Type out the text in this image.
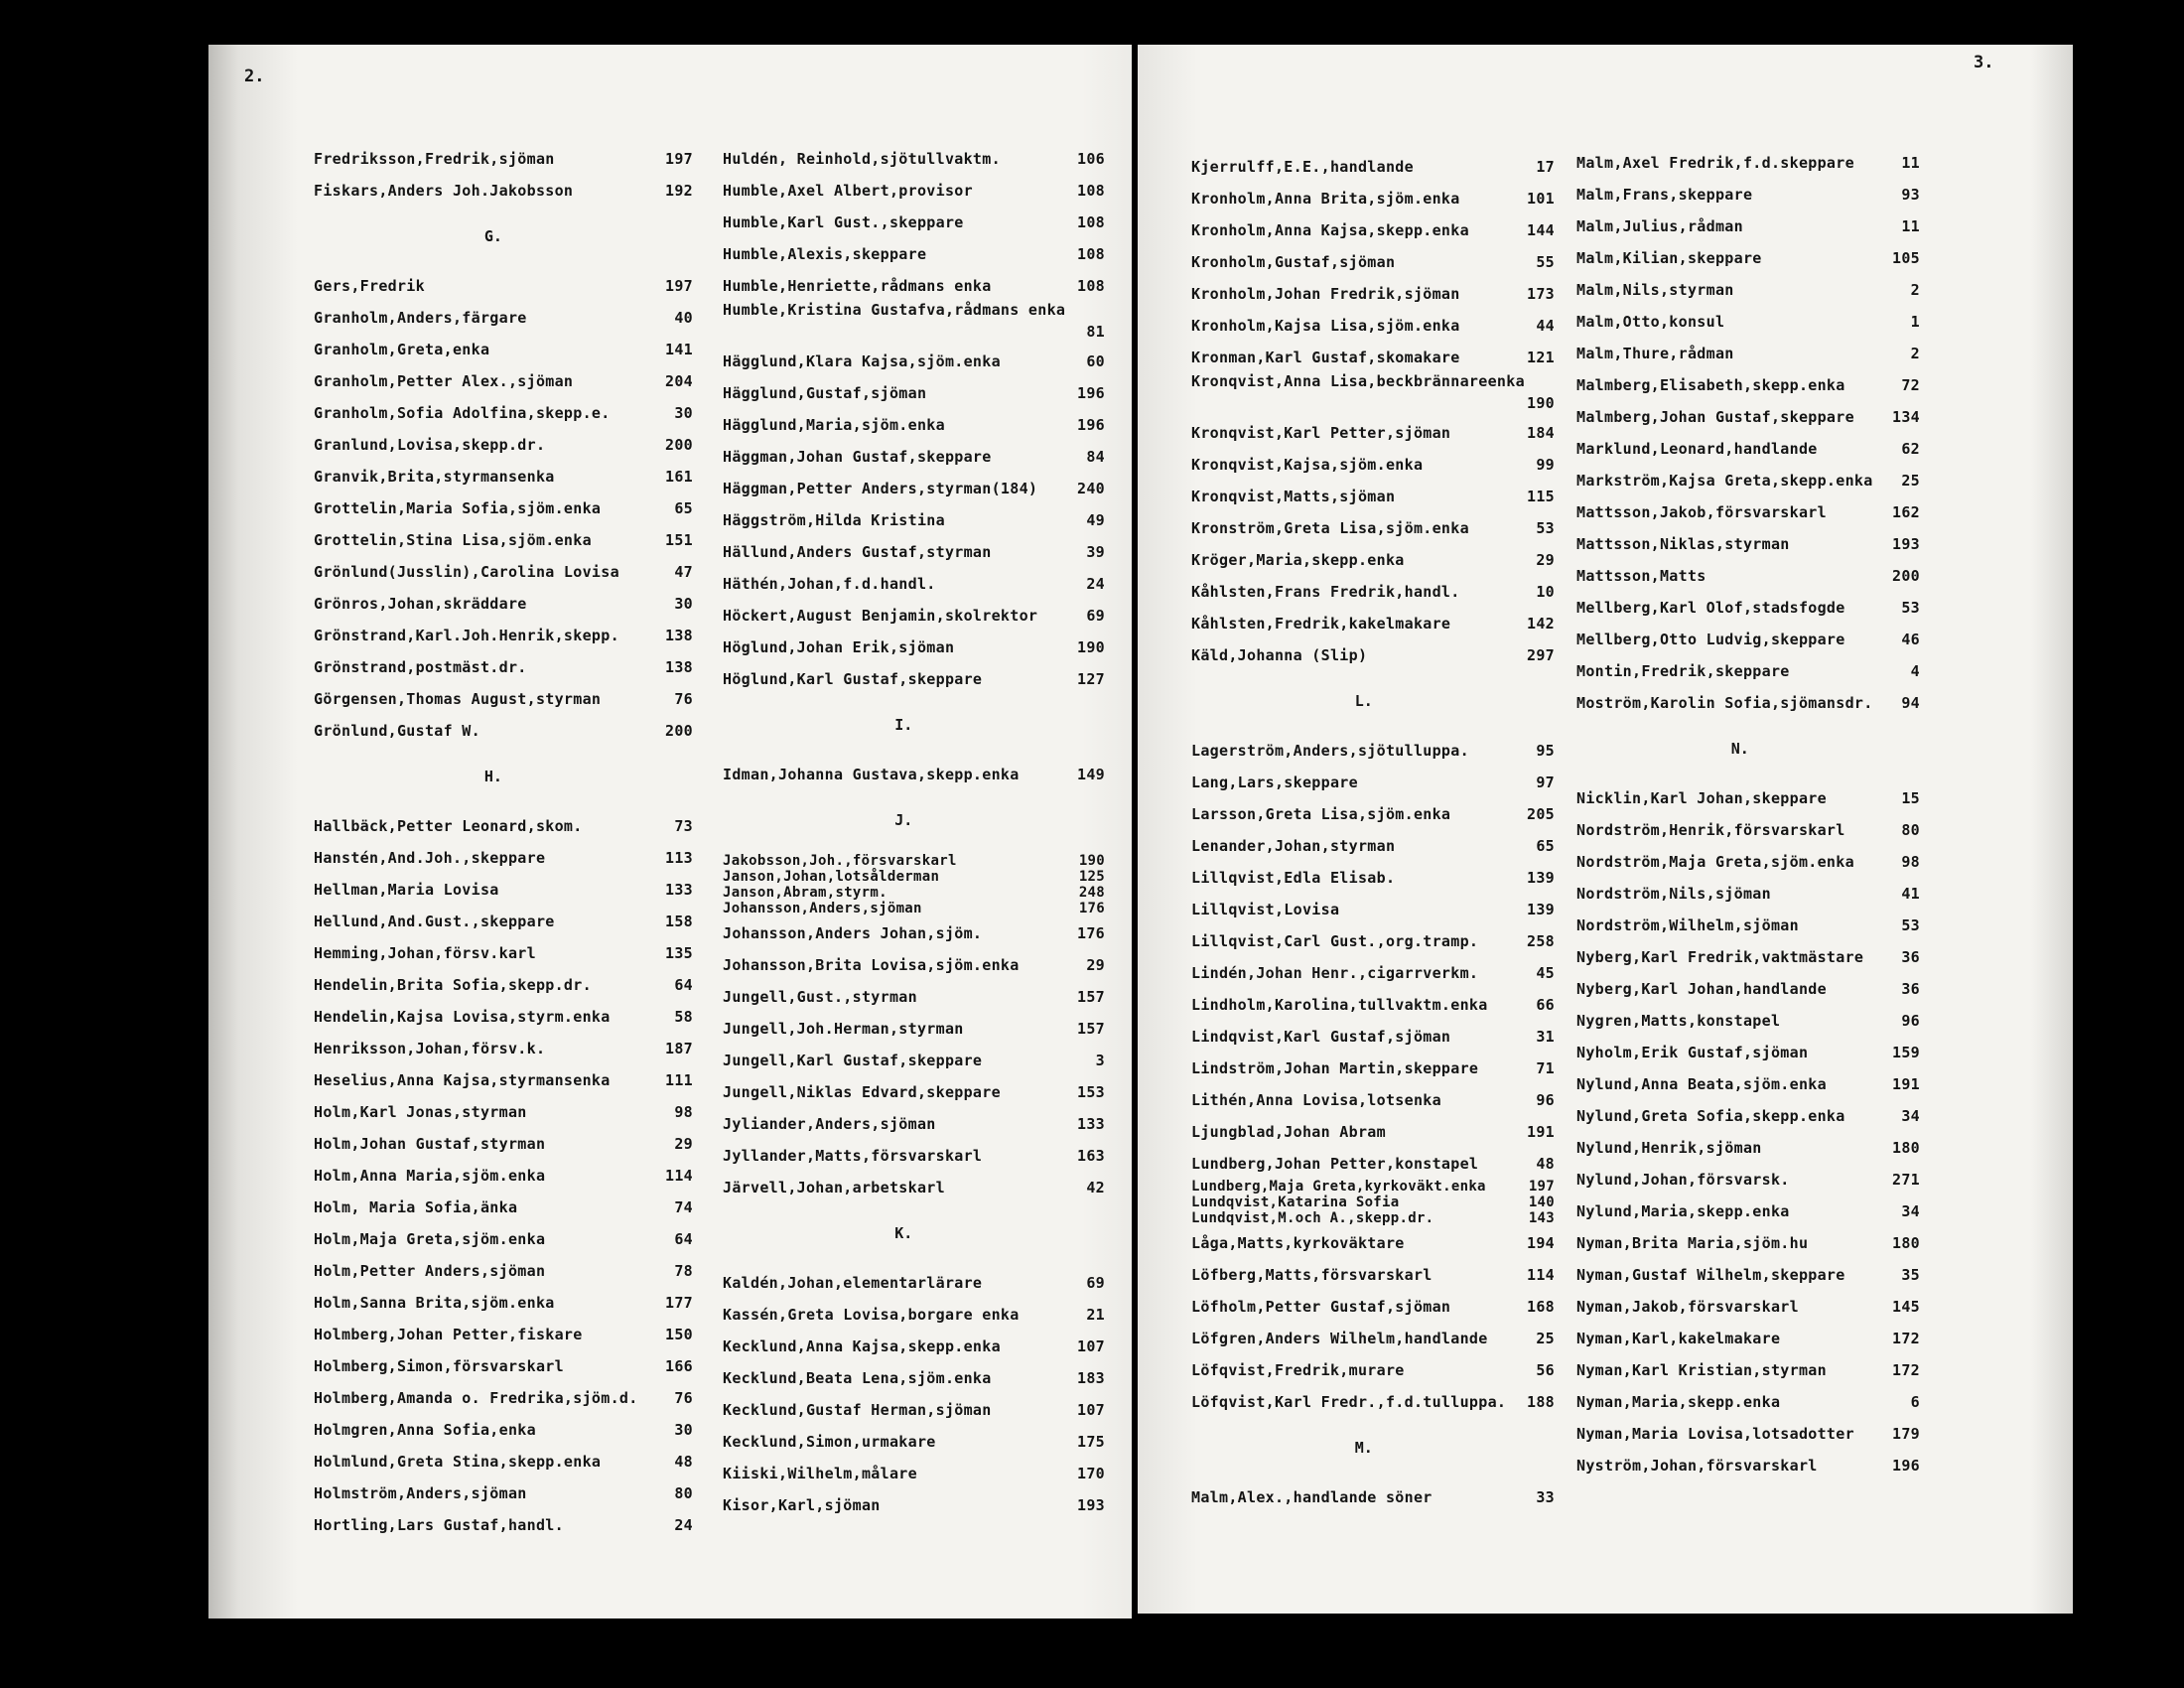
2.
Fredriksson,Fredrik,sjöman	197
Fiskars,Anders Joh.Jakobsson	192
G.
Gers,Fredrik	197
Granholm,Anders,färgare	40
Granholm,Greta,enka	141
Granholm,Petter Alex.,sjöman	204
Granholm,Sofia Adolfina,skepp.e.	30
Granlund,Lovisa,skepp.dr.	200
Granvik,Brita,styrmansenka	161
Grottelin,Maria Sofia,sjöm.enka	65
Grottelin,Stina Lisa,sjöm.enka	151
Grönlund(Jusslin),Carolina Lovisa	47
Grönros,Johan,skräddare	30
Grönstrand,Karl.Joh.Henrik,skepp.	138
Grönstrand,postmäst.dr.	138
Görgensen,Thomas August,styrman	76
Grönlund,Gustaf W.	200
H.
Hallbäck,Petter Leonard,skom.	73
Hanstén,And.Joh.,skeppare	113
Hellman,Maria Lovisa	133
Hellund,And.Gust.,skeppare	158
Hemming,Johan,försv.karl	135
Hendelin,Brita Sofia,skepp.dr.	64
Hendelin,Kajsa Lovisa,styrm.enka	58
Henriksson,Johan,försv.k.	187
Heselius,Anna Kajsa,styrmansenka	111
Holm,Karl Jonas,styrman	98
Holm,Johan Gustaf,styrman	29
Holm,Anna Maria,sjöm.enka	114
Holm, Maria Sofia,änka	74
Holm,Maja Greta,sjöm.enka	64
Holm,Petter Anders,sjöman	78
Holm,Sanna Brita,sjöm.enka	177
Holmberg,Johan Petter,fiskare	150
Holmberg,Simon,försvarskarl	166
Holmberg,Amanda o. Fredrika,sjöm.d. 76
Holmgren,Anna Sofia,enka	30
Holmlund,Greta Stina,skepp.enka	48
Holmström,Anders,sjöman	80
Hortling,Lars Gustaf,handl.	24
Huldén, Reinhold,sjötullvaktm.	106
Humble,Axel Albert,provisor	108
Humble,Karl Gust.,skeppare	108
Humble,Alexis,skeppare	108
Humble,Henriette,rådmans enka	108
Humble,Kristina Gustafva,rådmans enka
81
Hägglund,Klara Kajsa,sjöm.enka	60
Hägglund,Gustaf,sjöman	196
Hägglund,Maria,sjöm.enka	196
Häggman,Johan Gustaf,skeppare	84
Häggman,Petter Anders,styrman(184)	240
Häggström,Hilda Kristina	49
Hällund,Anders Gustaf,styrman	39
Häthén,Johan,f.d.handl.	24
Höckert,August Benjamin,skolrektor	69
Höglund,Johan Erik,sjöman	190
Höglund,Karl Gustaf,skeppare	127
I.
Idman,Johanna Gustava,skepp.enka	149
J.
Jakobsson,Joh.,försvarskarl	190
Janson,Johan,lotsålderman	125
Janson,Abram,styrm.	248
Johansson,Anders,sjöman	176
Johansson,Anders Johan,sjöm.	176
Johansson,Brita Lovisa,sjöm.enka	29
Jungell,Gust.,styrman	157
Jungell,Joh.Herman,styrman	157
Jungell,Karl Gustaf,skeppare	3
Jungell,Niklas Edvard,skeppare	153
Jyliander,Anders,sjöman	133
Jyllander,Matts,försvarskarl	163
Järvell,Johan,arbetskarl	42
K.
Kaldén,Johan,elementarlärare	69
Kassén,Greta Lovisa,borgare enka	21
Kecklund,Anna Kajsa,skepp.enka	107
Kecklund,Beata Lena,sjöm.enka	183
Kecklund,Gustaf Herman,sjöman	107
Kecklund,Simon,urmakare	175
Kiiski,Wilhelm,målare	170
Kisor,Karl,sjöman	193
3.
Kjerrulff,E.E.,handlande	17
Kronholm,Anna Brita,sjöm.enka	101
Kronholm,Anna Kajsa,skepp.enka	144
Kronholm,Gustaf,sjöman	55
Kronholm,Johan Fredrik,sjöman	173
Kronholm,Kajsa Lisa,sjöm.enka	44
Kronman,Karl Gustaf,skomakare	121
Kronqvist,Anna Lisa,beckbrännareenka
190
Kronqvist,Karl Petter,sjöman	184
Kronqvist,Kajsa,sjöm.enka	99
Kronqvist,Matts,sjöman	115
Kronström,Greta Lisa,sjöm.enka	53
Kröger,Maria,skepp.enka	29
Kåhlsten,Frans Fredrik,handl.	10
Kåhlsten,Fredrik,kakelmakare	142
Käld,Johanna (Slip)	297
L.
Lagerström,Anders,sjötulluppa.	95
Lang,Lars,skeppare	97
Larsson,Greta Lisa,sjöm.enka	205
Lenander,Johan,styrman	65
Lillqvist,Edla Elisab.	139
Lillqvist,Lovisa	139
Lillqvist,Carl Gust.,org.tramp.	258
Lindén,Johan Henr.,cigarrverkm.	45
Lindholm,Karolina,tullvaktm.enka	66
Lindqvist,Karl Gustaf,sjöman	31
Lindström,Johan Martin,skeppare	71
Lithén,Anna Lovisa,lotsenka	96
Ljungblad,Johan Abram	191
Lundberg,Johan Petter,konstapel	48
Lundberg,Maja Greta,kyrkoväkt.enka	197
Lundqvist,Katarina Sofia	140
Lundqvist,M.och A.,skepp.dr.	143
Låga,Matts,kyrkoväktare	194
Löfberg,Matts,försvarskarl	114
Löfholm,Petter Gustaf,sjöman	168
Löfgren,Anders Wilhelm,handlande	25
Löfqvist,Fredrik,murare	56
Löfqvist,Karl Fredr.,f.d.tulluppa. 188
M.
Malm,Alex.,handlande söner	33
Malm,Axel Fredrik,f.d.skeppare	11
Malm,Frans,skeppare	93
Malm,Julius,rådman	11
Malm,Kilian,skeppare	105
Malm,Nils,styrman	2
Malm,Otto,konsul	1
Malm,Thure,rådman	2
Malmberg,Elisabeth,skepp.enka	72
Malmberg,Johan Gustaf,skeppare	134
Marklund,Leonard,handlande	62
Markström,Kajsa Greta,skepp.enka 25
Mattsson,Jakob,försvarskarl	162
Mattsson,Niklas,styrman	193
Mattsson,Matts	200
Mellberg,Karl Olof,stadsfogde	53
Mellberg,Otto Ludvig,skeppare	46
Montin,Fredrik,skeppare	4
Moström,Karolin Sofia,sjömansdr. 94
N.
Nicklin,Karl Johan,skeppare	15
Nordström,Henrik,försvarskarl	80
Nordström,Maja Greta,sjöm.enka	98
Nordström,Nils,sjöman	41
Nordström,Wilhelm,sjöman	53
Nyberg,Karl Fredrik,vaktmästare	36
Nyberg,Karl Johan,handlande	36
Nygren,Matts,konstapel	96
Nyholm,Erik Gustaf,sjöman	159
Nylund,Anna Beata,sjöm.enka	191
Nylund,Greta Sofia,skepp.enka	34
Nylund,Henrik,sjöman	180
Nylund,Johan,försvarsk.	271
Nylund,Maria,skepp.enka	34
Nyman,Brita Maria,sjöm.hu	180
Nyman,Gustaf Wilhelm,skeppare	35
Nyman,Jakob,försvarskarl	145
Nyman,Karl,kakelmakare	172
Nyman,Karl Kristian,styrman	172
Nyman,Maria,skepp.enka	6
Nyman,Maria Lovisa,lotsadotter	179
Nyström,Johan,försvarskarl	196
